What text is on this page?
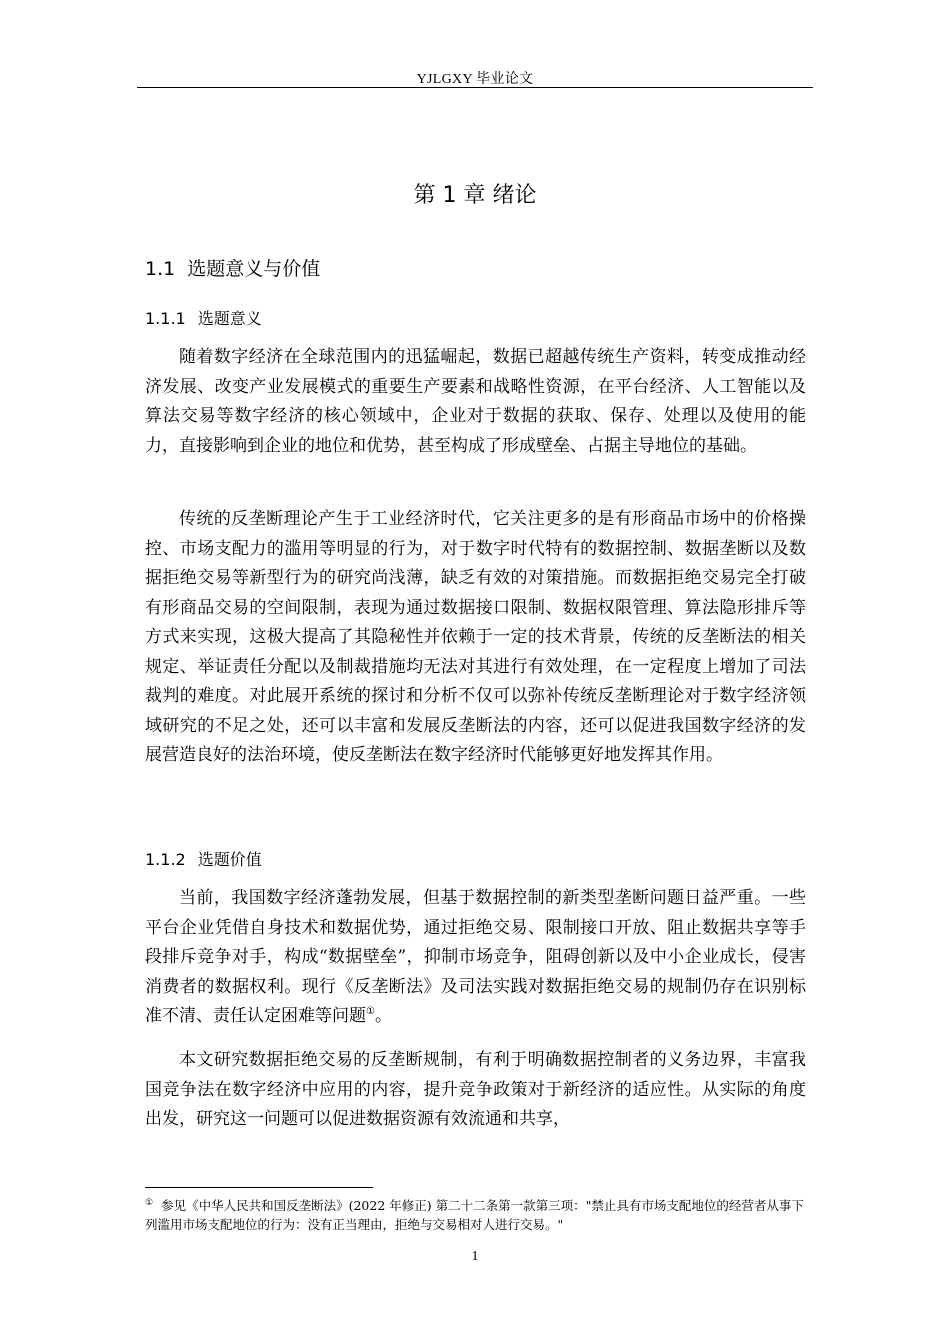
YJLGXY 毕业论文
第 1 章 绪论
1.1 选题意义与价值
1.1.1 选题意义

随着数字经济在全球范围内的迅猛崛起，数据已超越传统生产资料，转变成推动经济发展、改变产业发展模式的重要生产要素和战略性资源，在平台经济、人工智能以及算法交易等数字经济的核心领域中，企业对于数据的获取、保存、处理以及使用的能力，直接影响到企业的地位和优势，甚至构成了形成壁垒、占据主导地位的基础。

传统的反垄断理论产生于工业经济时代，它关注更多的是有形商品市场中的价格操控、市场支配力的滥用等明显的行为，对于数字时代特有的数据控制、数据垄断以及数据拒绝交易等新型行为的研究尚浅薄，缺乏有效的对策措施。而数据拒绝交易完全打破有形商品交易的空间限制，表现为通过数据接口限制、数据权限管理、算法隐形排斥等方式来实现，这极大提高了其隐秘性并依赖于一定的技术背景，传统的反垄断法的相关规定、举证责任分配以及制裁措施均无法对其进行有效处理，在一定程度上增加了司法裁判的难度。对此展开系统的探讨和分析不仅可以弥补传统反垄断理论对于数字经济领域研究的不足之处，还可以丰富和发展反垄断法的内容，还可以促进我国数字经济的发展营造良好的法治环境，使反垄断法在数字经济时代能够更好地发挥其作用。

1.1.2 选题价值

当前，我国数字经济蓬勃发展，但基于数据控制的新类型垄断问题日益严重。一些平台企业凭借自身技术和数据优势，通过拒绝交易、限制接口开放、阻止数据共享等手段排斥竞争对手，构成“数据壁垒”，抑制市场竞争，阻碍创新以及中小企业成长，侵害消费者的数据权利。现行《反垄断法》及司法实践对数据拒绝交易的规制仍存在识别标准不清、责任认定困难等问题①。

本文研究数据拒绝交易的反垄断规制，有利于明确数据控制者的义务边界，丰富我国竞争法在数字经济中应用的内容，提升竞争政策对于新经济的适应性。从实际的角度出发，研究这一问题可以促进数据资源有效流通和共享，

① 参见《中华人民共和国反垄断法》(2022 年修正) 第二十二条第一款第三项："禁止具有市场支配地位的经营者从事下列滥用市场支配地位的行为：没有正当理由，拒绝与交易相对人进行交易。"

1
